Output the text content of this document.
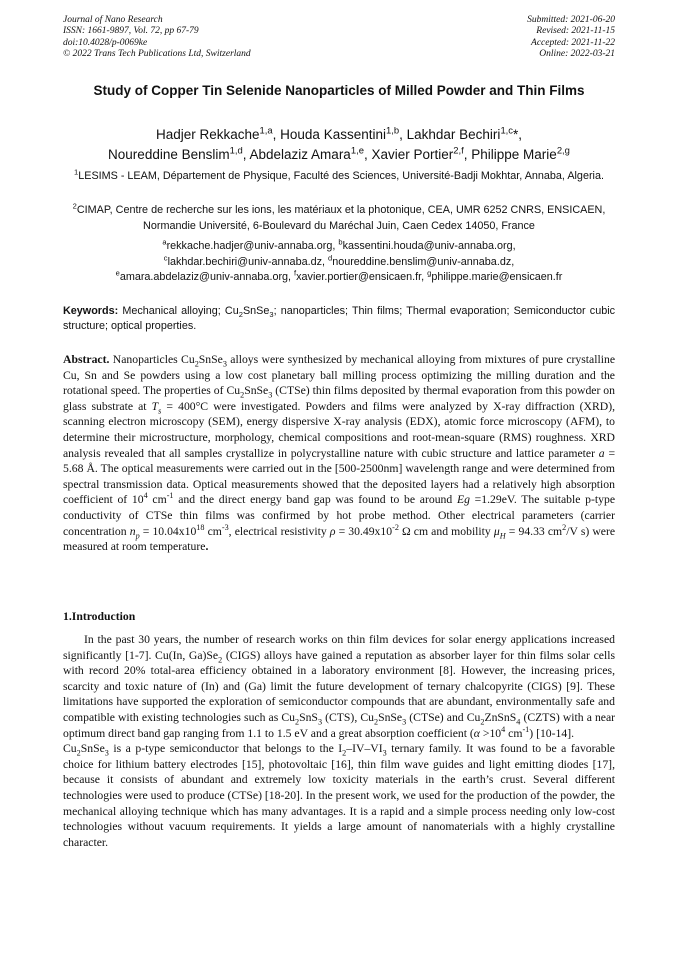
Journal of Nano Research
ISSN: 1661-9897, Vol. 72, pp 67-79
doi:10.4028/p-0069ke
© 2022 Trans Tech Publications Ltd, Switzerland
Submitted: 2021-06-20
Revised: 2021-11-15
Accepted: 2021-11-22
Online: 2022-03-21
Study of Copper Tin Selenide Nanoparticles of Milled Powder and Thin Films
Hadjer Rekkache$^{1,a}$, Houda Kassentini$^{1,b}$, Lakhdar Bechiri$^{1,c}$*,
Noureddine Benslim$^{1,d}$, Abdelaziz Amara$^{1,e}$, Xavier Portier$^{2,f}$, Philippe Marie$^{2,g}$
$^1$LESIMS - LEAM, Département de Physique, Faculté des Sciences, Université-Badji Mokhtar, Annaba, Algeria.
$^2$CIMAP, Centre de recherche sur les ions, les matériaux et la photonique, CEA, UMR 6252 CNRS, ENSICAEN, Normandie Université, 6-Boulevard du Maréchal Juin, Caen Cedex 14050, France
$^a$rekkache.hadjer@univ-annaba.org, $^b$kassentini.houda@univ-annaba.org,
$^c$lakhdar.bechiri@univ-annaba.dz, $^d$noureddine.benslim@univ-annaba.dz,
$^e$amara.abdelaziz@univ-annaba.org, $^f$xavier.portier@ensicaen.fr, $^g$philippe.marie@ensicaen.fr
Keywords: Mechanical alloying; $Cu_2SnSe_3$; nanoparticles; Thin films; Thermal evaporation; Semiconductor cubic structure; optical properties.
Abstract. Nanoparticles $Cu_2SnSe_3$ alloys were synthesized by mechanical alloying from mixtures of pure crystalline Cu, Sn and Se powders using a low cost planetary ball milling process optimizing the milling duration and the rotational speed. The properties of $Cu_2SnSe_3$ (CTSe) thin films deposited by thermal evaporation from this powder on glass substrate at $T_s = 400^\circ C$ were investigated. Powders and films were analyzed by X-ray diffraction (XRD), scanning electron microscopy (SEM), energy dispersive X-ray analysis (EDX), atomic force microscopy (AFM), to determine their microstructure, morphology, chemical compositions and root-mean-square (RMS) roughness. XRD analysis revealed that all samples crystallize in polycrystalline nature with cubic structure and lattice parameter a = 5.68 Å. The optical measurements were carried out in the [500-2500nm] wavelength range and were determined from spectral transmission data. Optical measurements showed that the deposited layers had a relatively high absorption coefficient of $10^4$ $cm^{-1}$ and the direct energy band gap was found to be around Eg =1.29eV. The suitable p-type conductivity of CTSe thin films was confirmed by hot probe method. Other electrical parameters (carrier concentration $n_p = 10.04x10^{18}$ $cm^{-3}$, electrical resistivity $\rho = 30.49x10^{-2}$ Ω cm and mobility $\mu_H = 94.33$ $cm^2/V$ s) were measured at room temperature.
1.Introduction

In the past 30 years, the number of research works on thin film devices for solar energy applications increased significantly [1-7]. Cu(In, $Ga)Se_2$ (CIGS) alloys have gained a reputation as absorber layer for thin films solar cells with record 20% total-area efficiency obtained in a laboratory environment [8]. However, the increasing prices, scarcity and toxic nature of (In) and (Ga) limit the future development of ternary chalcopyrite (CIGS) [9]. These limitations have supported the exploration of semiconductor compounds that are abundant, environmentally safe and compatible with existing technologies such as $Cu_2SnS_3$ (CTS), $Cu_2SnSe_3$ (CTSe) and $Cu_2ZnSnS_4$ (CZTS) with a near optimum direct band gap ranging from 1.1 to 1.5 eV and a great absorption coefficient ($\alpha >10^4$ $cm^{-1}$) [10-14].

$Cu_2SnSe_3$ is a p-type semiconductor that belongs to the $I_2-IV-VI_3$ ternary family. It was found to be a favorable choice for lithium battery electrodes [15], photovoltaic [16], thin film wave guides and light emitting diodes [17], because it consists of abundant and extremely low toxicity materials in the earth’s crust. Several different technologies were used to produce (CTSe) [18-20]. In the present work, we used for the production of the powder, the mechanical alloying technique which has many advantages. It is a rapid and a simple process needing only low-cost technologies without vacuum requirements. It yields a large amount of nanomaterials with a highly crystalline character.
